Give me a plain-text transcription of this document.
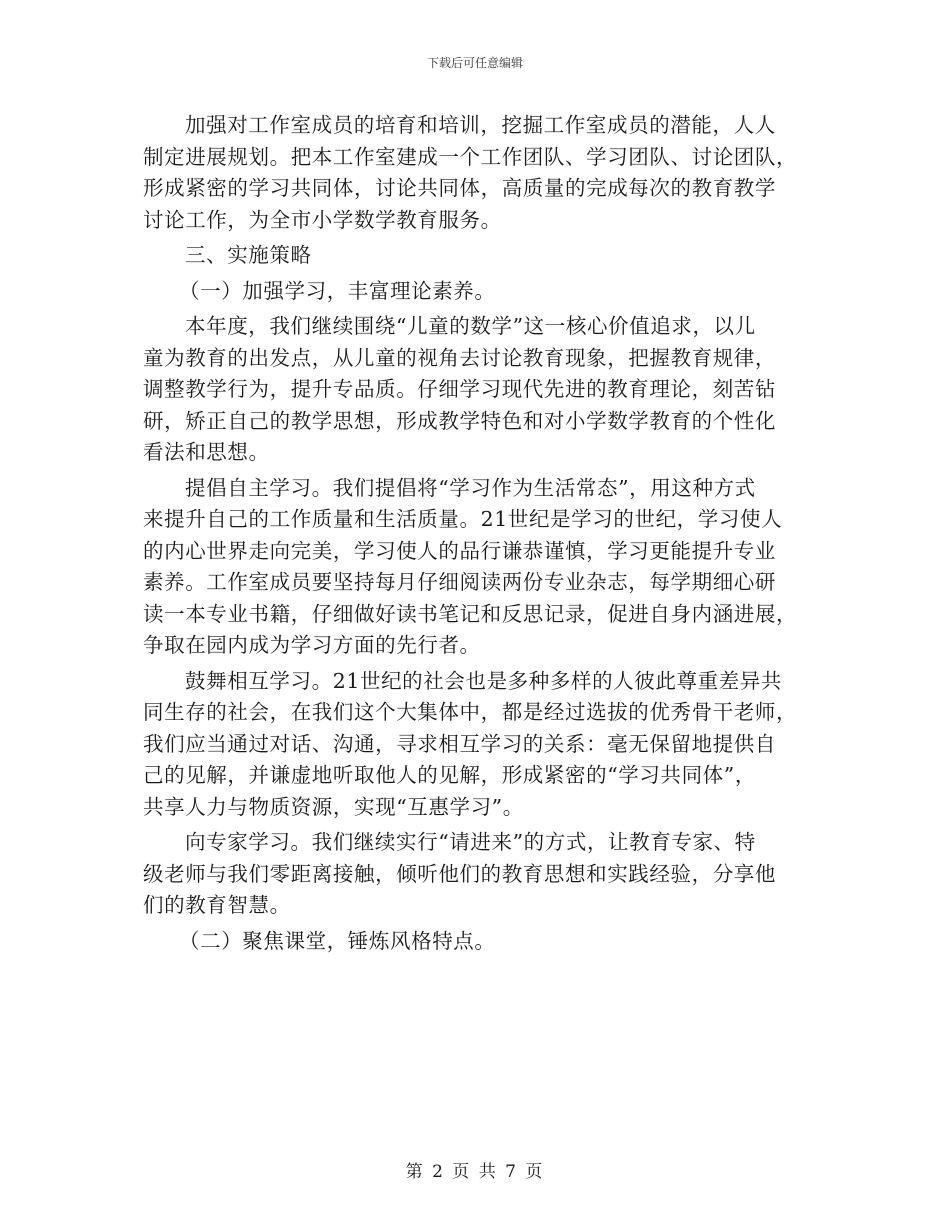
下载后可任意编辑
加强对工作室成员的培育和培训，挖掘工作室成员的潜能，人人
制定进展规划。把本工作室建成一个工作团队、学习团队、讨论团队，
形成紧密的学习共同体，讨论共同体，高质量的完成每次的教育教学
讨论工作，为全市小学数学教育服务。
三、实施策略
（一）加强学习，丰富理论素养。
本年度，我们继续围绕“儿童的数学”这一核心价值追求，以儿
童为教育的出发点，从儿童的视角去讨论教育现象，把握教育规律，
调整教学行为，提升专品质。仔细学习现代先进的教育理论，刻苦钻
研，矫正自己的教学思想，形成教学特色和对小学数学教育的个性化
看法和思想。
提倡自主学习。我们提倡将“学习作为生活常态”，用这种方式
来提升自己的工作质量和生活质量。21世纪是学习的世纪，学习使人
的内心世界走向完美，学习使人的品行谦恭谨慎，学习更能提升专业
素养。工作室成员要坚持每月仔细阅读两份专业杂志，每学期细心研
读一本专业书籍，仔细做好读书笔记和反思记录，促进自身内涵进展，
争取在园内成为学习方面的先行者。
鼓舞相互学习。21世纪的社会也是多种多样的人彼此尊重差异共
同生存的社会，在我们这个大集体中，都是经过选拔的优秀骨干老师，
我们应当通过对话、沟通，寻求相互学习的关系：毫无保留地提供自
己的见解，并谦虚地听取他人的见解，形成紧密的“学习共同体”，
共享人力与物质资源，实现“互惠学习”。
向专家学习。我们继续实行“请进来”的方式，让教育专家、特
级老师与我们零距离接触，倾听他们的教育思想和实践经验，分享他
们的教育智慧。
（二）聚焦课堂，锤炼风格特点。
第 2 页 共 7 页
